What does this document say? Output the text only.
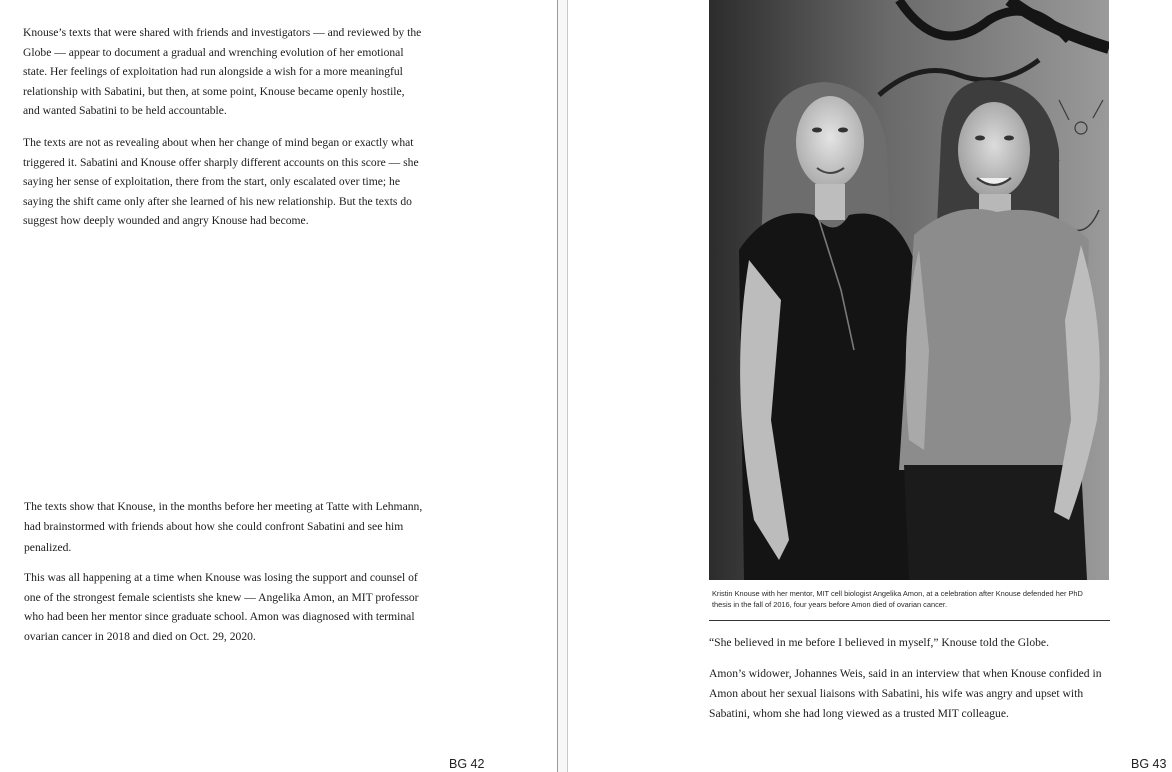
Knouse’s texts that were shared with friends and investigators — and reviewed by the Globe — appear to document a gradual and wrenching evolution of her emotional state. Her feelings of exploitation had run alongside a wish for a more meaningful relationship with Sabatini, but then, at some point, Knouse became openly hostile, and wanted Sabatini to be held accountable.

The texts are not as revealing about when her change of mind began or exactly what triggered it. Sabatini and Knouse offer sharply different accounts on this score — she saying her sense of exploitation, there from the start, only escalated over time; he saying the shift came only after she learned of his new relationship. But the texts do suggest how deeply wounded and angry Knouse had become.

The texts show that Knouse, in the months before her meeting at Tatte with Lehmann, had brainstormed with friends about how she could confront Sabatini and see him penalized.

This was all happening at a time when Knouse was losing the support and counsel of one of the strongest female scientists she knew — Angelika Amon, an MIT professor who had been her mentor since graduate school. Amon was diagnosed with terminal ovarian cancer in 2018 and died on Oct. 29, 2020.

BG 42

Kristin Knouse with her mentor, MIT cell biologist Angelika Amon, at a celebration after Knouse defended her PhD thesis in the fall of 2016, four years before Amon died of ovarian cancer.

“She believed in me before I believed in myself,” Knouse told the Globe.

Amon’s widower, Johannes Weis, said in an interview that when Knouse confided in Amon about her sexual liaisons with Sabatini, his wife was angry and upset with Sabatini, whom she had long viewed as a trusted MIT colleague.

BG 43
